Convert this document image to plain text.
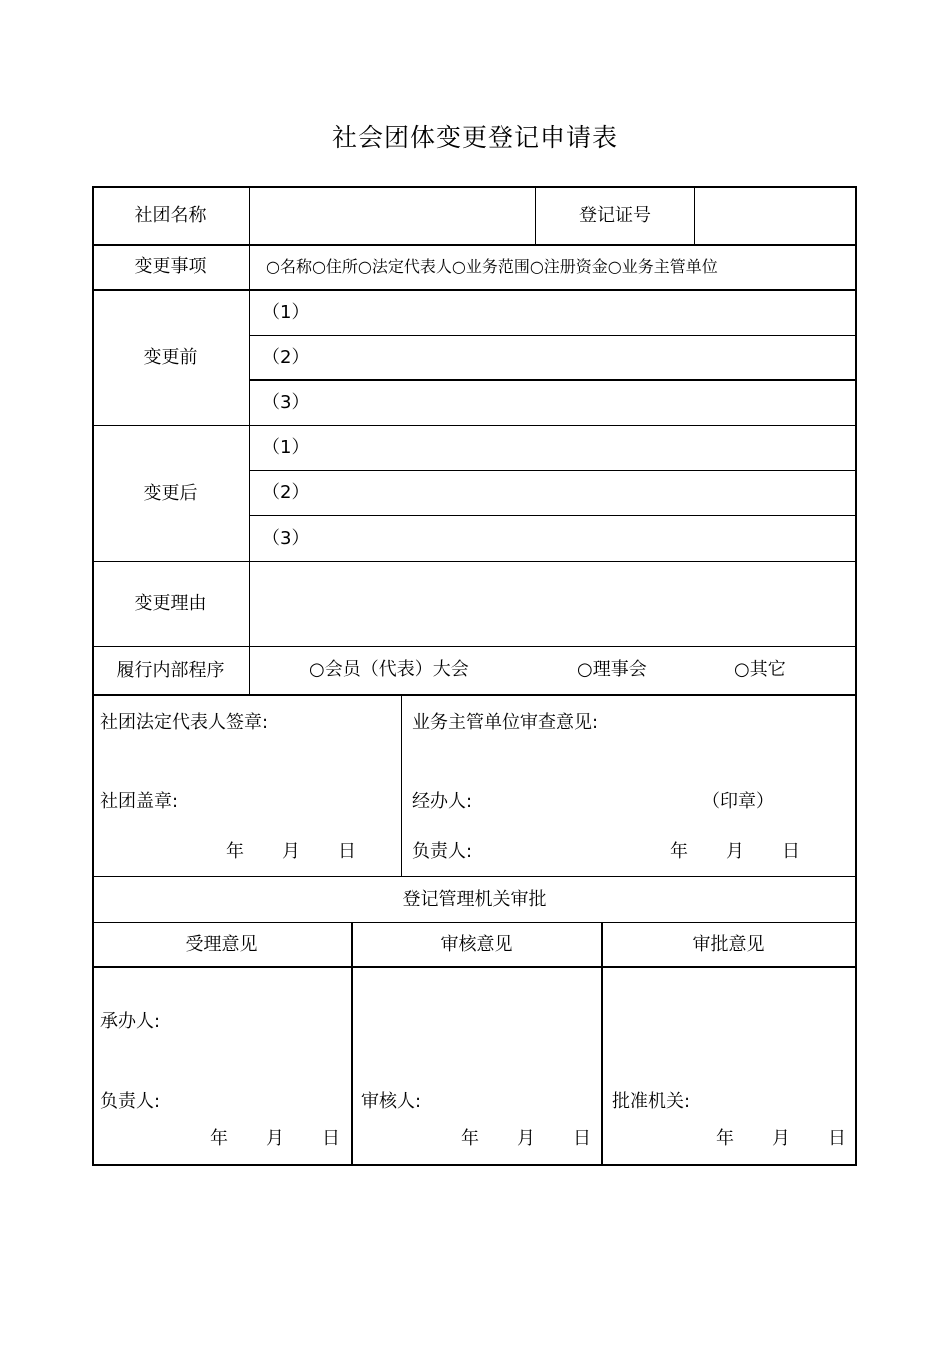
社会团体变更登记申请表
社团名称	登记证号
变更事项	○名称○住所○法定代表人○业务范围○注册资金○业务主管单位
变更前
（1）
（2）
（3）
变更后
（1）
（2）
（3）
变更理由
履行内部程序	○会员（代表）大会	○理事会	○其它
社团法定代表人签章:
社团盖章:
年 月 日
业务主管单位审查意见:
经办人:	（印章）
负责人:	年 月 日
登记管理机关审批
受理意见	审核意见	审批意见
承办人:
负责人:
年 月 日
审核人:
年 月 日
批准机关:
年 月 日
